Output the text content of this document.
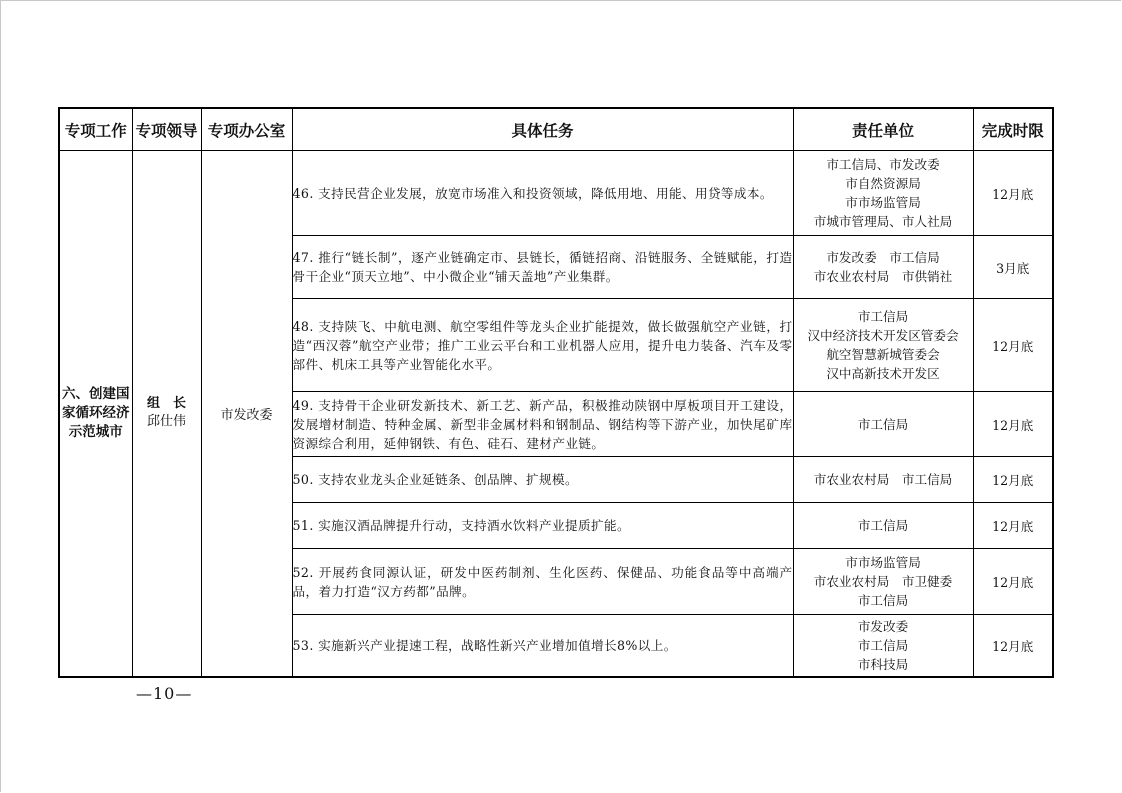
专项工作	专项领导	专项办公室	具体任务	责任单位	完成时限
六、创建国家循环经济示范城市	组　长
邱仕伟	市发改委	46. 支持民营企业发展，放宽市场准入和投资领域，降低用地、用能、用贷等成本。	市工信局、市发改委
市自然资源局
市市场监管局
市城市管理局、市人社局	12月底
			47. 推行“链长制”，逐产业链确定市、县链长，循链招商、沿链服务、全链赋能，打造骨干企业“顶天立地”、中小微企业“铺天盖地”产业集群。	市发改委　市工信局
市农业农村局　市供销社	3月底
			48. 支持陕飞、中航电测、航空零组件等龙头企业扩能提效，做长做强航空产业链，打造“西汉蓉”航空产业带；推广工业云平台和工业机器人应用，提升电力装备、汽车及零部件、机床工具等产业智能化水平。	市工信局
汉中经济技术开发区管委会
航空智慧新城管委会
汉中高新技术开发区	12月底
			49. 支持骨干企业研发新技术、新工艺、新产品，积极推动陕钢中厚板项目开工建设，发展增材制造、特种金属、新型非金属材料和钢制品、钢结构等下游产业，加快尾矿库资源综合利用，延伸钢铁、有色、硅石、建材产业链。	市工信局	12月底
			50. 支持农业龙头企业延链条、创品牌、扩规模。	市农业农村局　市工信局	12月底
			51. 实施汉酒品牌提升行动，支持酒水饮料产业提质扩能。	市工信局	12月底
			52. 开展药食同源认证，研发中医药制剂、生化医药、保健品、功能食品等中高端产品，着力打造“汉方药都”品牌。	市市场监管局
市农业农村局　市卫健委
市工信局	12月底
			53. 实施新兴产业提速工程，战略性新兴产业增加值增长8%以上。	市发改委
市工信局
市科技局	12月底
—10—
